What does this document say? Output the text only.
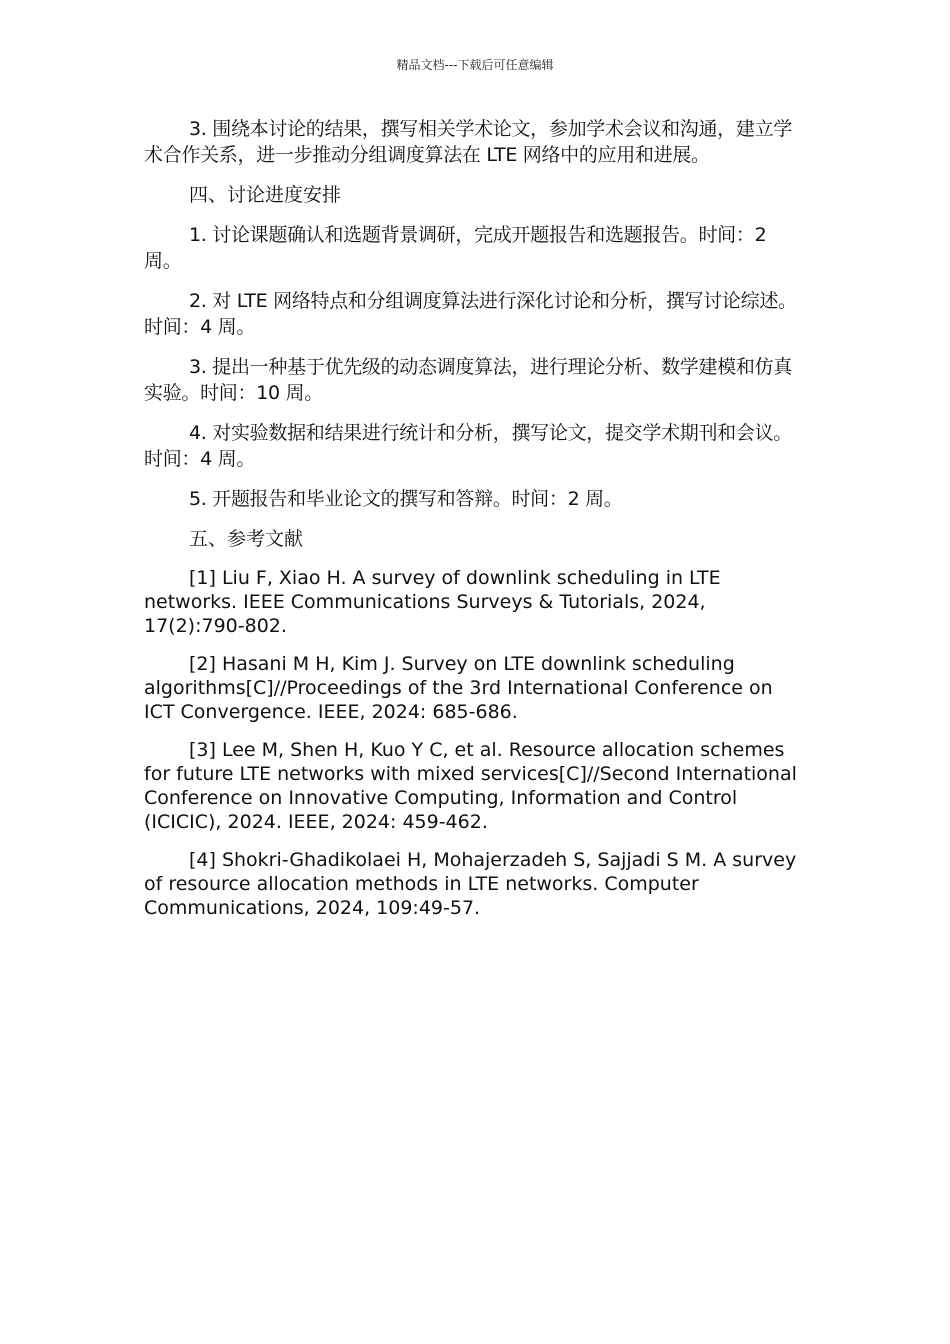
精品文档---下载后可任意编辑

3. 围绕本讨论的结果，撰写相关学术论文，参加学术会议和沟通，建立学术合作关系，进一步推动分组调度算法在 LTE 网络中的应用和进展。

四、讨论进度安排

1. 讨论课题确认和选题背景调研，完成开题报告和选题报告。时间：2 周。

2. 对 LTE 网络特点和分组调度算法进行深化讨论和分析，撰写讨论综述。时间：4 周。

3. 提出一种基于优先级的动态调度算法，进行理论分析、数学建模和仿真实验。时间：10 周。

4. 对实验数据和结果进行统计和分析，撰写论文，提交学术期刊和会议。时间：4 周。

5. 开题报告和毕业论文的撰写和答辩。时间：2 周。

五、参考文献

[1] Liu F, Xiao H. A survey of downlink scheduling in LTE networks. IEEE Communications Surveys & Tutorials, 2024, 17(2):790-802.

[2] Hasani M H, Kim J. Survey on LTE downlink scheduling algorithms[C]//Proceedings of the 3rd International Conference on ICT Convergence. IEEE, 2024: 685-686.

[3] Lee M, Shen H, Kuo Y C, et al. Resource allocation schemes for future LTE networks with mixed services[C]//Second International Conference on Innovative Computing, Information and Control (ICICIC), 2024. IEEE, 2024: 459-462.

[4] Shokri-Ghadikolaei H, Mohajerzadeh S, Sajjadi S M. A survey of resource allocation methods in LTE networks. Computer Communications, 2024, 109:49-57.
